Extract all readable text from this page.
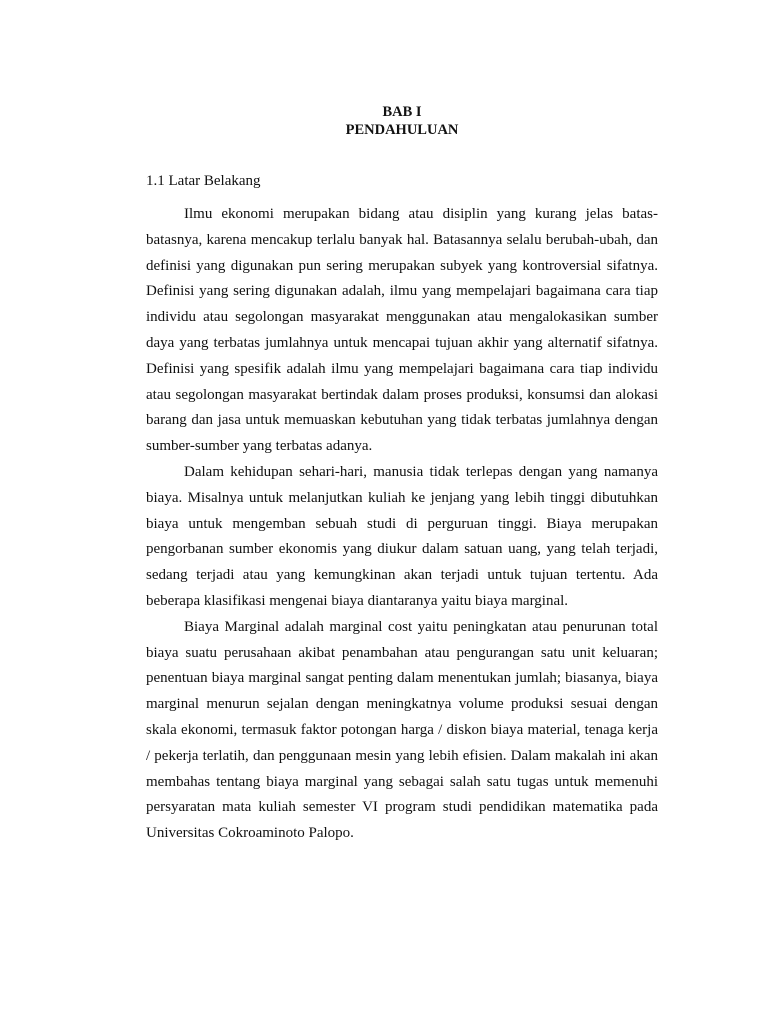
BAB I
PENDAHULUAN
1.1 Latar Belakang

Ilmu ekonomi merupakan bidang atau disiplin yang kurang jelas batas-batasnya, karena mencakup terlalu banyak hal. Batasannya selalu berubah-ubah, dan definisi yang digunakan pun sering merupakan subyek yang kontroversial sifatnya. Definisi yang sering digunakan adalah, ilmu yang mempelajari bagaimana cara tiap individu atau segolongan masyarakat menggunakan atau mengalokasikan sumber daya yang terbatas jumlahnya untuk mencapai tujuan akhir yang alternatif sifatnya. Definisi yang spesifik adalah ilmu yang mempelajari bagaimana cara tiap individu atau segolongan masyarakat bertindak dalam proses produksi, konsumsi dan alokasi barang dan jasa untuk memuaskan kebutuhan yang tidak terbatas jumlahnya dengan sumber-sumber yang terbatas adanya.

Dalam kehidupan sehari-hari, manusia tidak terlepas dengan yang namanya biaya. Misalnya untuk melanjutkan kuliah ke jenjang yang lebih tinggi dibutuhkan biaya untuk mengemban sebuah studi di perguruan tinggi. Biaya merupakan pengorbanan sumber ekonomis yang diukur dalam satuan uang, yang telah terjadi, sedang terjadi atau yang kemungkinan akan terjadi untuk tujuan tertentu. Ada beberapa klasifikasi mengenai biaya diantaranya yaitu biaya marginal.

Biaya Marginal adalah marginal cost yaitu peningkatan atau penurunan total biaya suatu perusahaan akibat penambahan atau pengurangan satu unit keluaran; penentuan biaya marginal sangat penting dalam menentukan jumlah; biasanya, biaya marginal menurun sejalan dengan meningkatnya volume produksi sesuai dengan skala ekonomi, termasuk faktor potongan harga / diskon biaya material, tenaga kerja / pekerja terlatih, dan penggunaan mesin yang lebih efisien. Dalam makalah ini akan membahas tentang biaya marginal yang sebagai salah satu tugas untuk memenuhi persyaratan mata kuliah semester VI program studi pendidikan matematika pada Universitas Cokroaminoto Palopo.
